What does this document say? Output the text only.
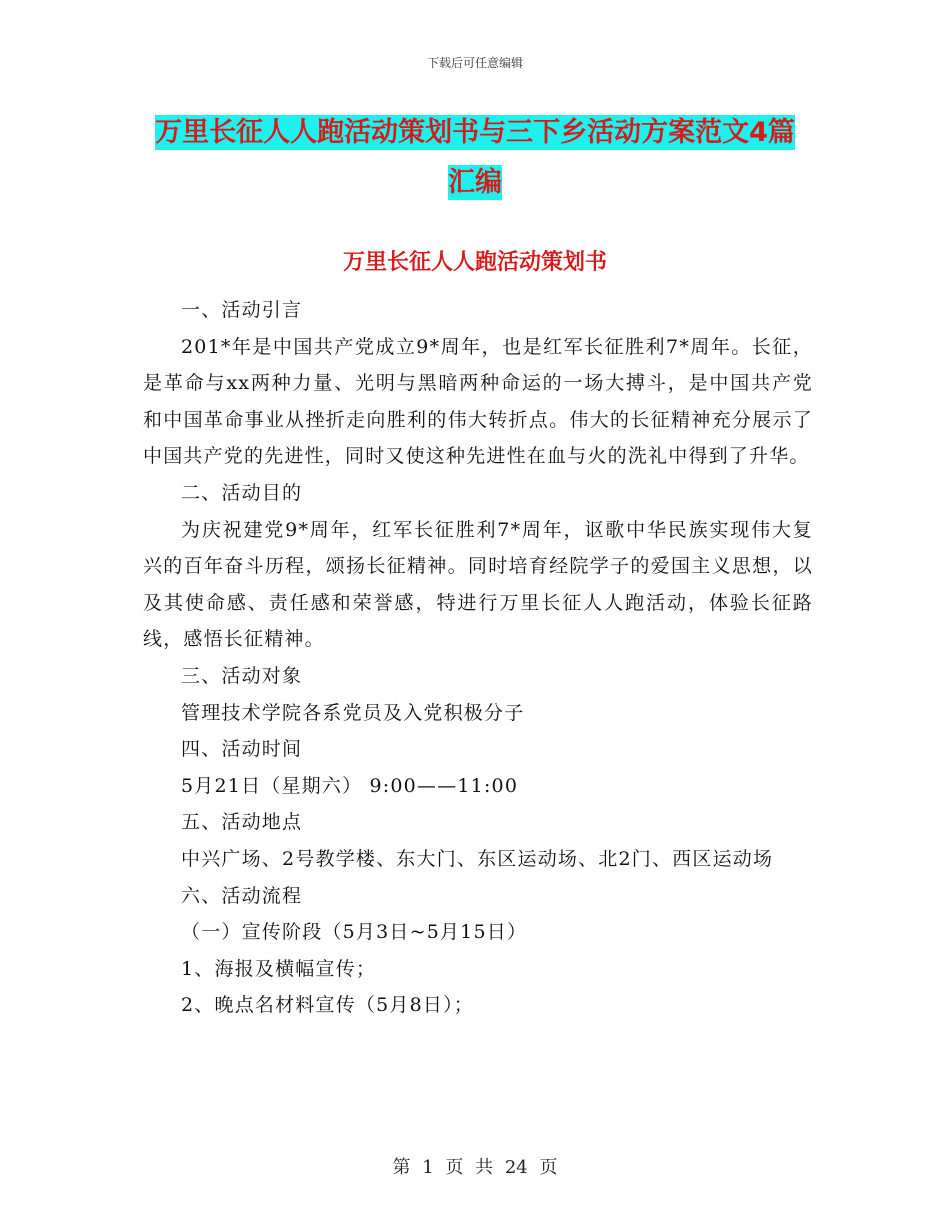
下载后可任意编辑
万里长征人人跑活动策划书与三下乡活动方案范文4篇汇编
万里长征人人跑活动策划书

一、活动引言

201*年是中国共产党成立9*周年，也是红军长征胜利7*周年。长征，是革命与xx两种力量、光明与黑暗两种命运的一场大搏斗，是中国共产党和中国革命事业从挫折走向胜利的伟大转折点。伟大的长征精神充分展示了中国共产党的先进性，同时又使这种先进性在血与火的洗礼中得到了升华。

二、活动目的

为庆祝建党9*周年，红军长征胜利7*周年，讴歌中华民族实现伟大复兴的百年奋斗历程，颂扬长征精神。同时培育经院学子的爱国主义思想，以及其使命感、责任感和荣誉感，特进行万里长征人人跑活动，体验长征路线，感悟长征精神。

三、活动对象

管理技术学院各系党员及入党积极分子

四、活动时间

5月21日（星期六） 9:00——11:00

五、活动地点

中兴广场、2号教学楼、东大门、东区运动场、北2门、西区运动场

六、活动流程

（一）宣传阶段（5月3日~5月15日）

1、海报及横幅宣传；

2、晚点名材料宣传（5月8日）；

第 1 页 共 24 页
